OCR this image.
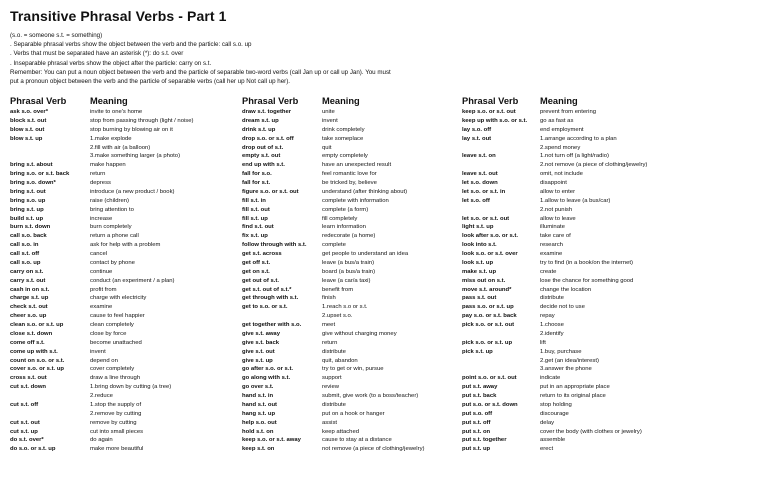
Transitive Phrasal Verbs - Part 1
(s.o. = someone s.t. = something)
. Separable phrasal verbs show the object between the verb and the particle: call s.o. up
. Verbs that must be separated have an asterisk (*): do s.t. over
. Inseparable phrasal verbs show the object after the particle: carry on s.t.
Remember: You can put a noun object between the verb and the particle of separable two-word verbs (call Jan up or call up Jan). You must
put a pronoun object between the verb and the particle of separable verbs (call her up Not call up her).
Phrasal Verb	Meaning
ask s.o. over*	invite to one's home
block s.t. out	stop from passing through (light / noise)
blow s.t. out	stop burning by blowing air on it
blow s.t. up	1.make explode
2.fill with air (a balloon)
3.make something larger (a photo)
bring s.t. about	make happen
bring s.o. or s.t. back	return
bring s.o. down*	depress
bring s.t. out	introduce (a new product / book)
bring s.o. up	raise (children)
bring s.t. up	bring attention to
build s.t. up	increase
burn s.t. down	burn completely
call s.o. back	return a phone call
call s.o. in	ask for help with a problem
call s.t. off	cancel
call s.o. up	contact by phone
carry on s.t.	continue
carry s.t. out	conduct (an experiment / a plan)
cash in on s.t.	profit from
charge s.t. up	charge with electricity
check s.t. out	examine
cheer s.o. up	cause to feel happier
clean s.o. or s.t. up	clean completely
close s.t. down	close by force
come off s.t.	become unattached
come up with s.t.	invent
count on s.o. or s.t.	depend on
cover s.o. or s.t. up	cover completely
cross s.t. out	draw a line through
cut s.t. down	1.bring down by cutting (a tree)
2.reduce
cut s.t. off	1.stop the supply of
2.remove by cutting
cut s.t. out	remove by cutting
cut s.t. up	cut into small pieces
do s.t. over*	do again
do s.o. or s.t. up	make more beautiful
Phrasal Verb	Meaning
draw s.t. together	unite
dream s.t. up	invent
drink s.t. up	drink completely
drop s.o. or s.t. off	take someplace
drop out of s.t.	quit
empty s.t. out	empty completely
end up with s.t.	have an unexpected result
fall for s.o.	feel romantic love for
fall for s.t.	be tricked by, believe
figure s.o. or s.t. out	understand (after thinking about)
fill s.t. in	complete with information
fill s.t. out	complete (a form)
fill s.t. up	fill completely
find s.t. out	learn information
fix s.t. up	redecorate (a home)
follow through with s.t.	complete
get s.t. across	get people to understand an idea
get off s.t.	leave (a bus/a train)
get on s.t.	board (a bus/a train)
get out of s.t.	leave (a car/a taxi)
get s.t. out of s.t.*	benefit from
get through with s.t.	finish
get to s.o. or s.t.	1.reach s.o or s.t.
2.upset s.o.
get together with s.o.	meet
give s.t. away	give without charging money
give s.t. back	return
give s.t. out	distribute
give s.t. up	quit, abandon
go after s.o. or s.t.	try to get or win, pursue
go along with s.t.	support
go over s.t.	review
hand s.t. in	submit, give work (to a boss/teacher)
hand s.t. out	distribute
hang s.t. up	put on a hook or hanger
help s.o. out	assist
hold s.t. on	keep attached
keep s.o. or s.t. away	cause to stay at a distance
keep s.t. on	not remove (a piece of clothing/jewelry)
Phrasal Verb	Meaning
keep s.o. or s.t. out	prevent from entering
keep up with s.o. or s.t.	go as fast as
lay s.o. off	end employment
lay s.t. out	1.arrange according to a plan
2.spend money
leave s.t. on	1.not turn off (a light/radio)
2.not remove (a piece of clothing/jewelry)
leave s.t. out	omit, not include
let s.o. down	disappoint
let s.o. or s.t. in	allow to enter
let s.o. off	1.allow to leave (a bus/car)
2.not punish
let s.o. or s.t. out	allow to leave
light s.t. up	illuminate
look after s.o. or s.t.	take care of
look into s.t.	research
look s.o. or s.t. over	examine
look s.t. up	try to find (in a book/on the internet)
make s.t. up	create
miss out on s.t.	lose the chance for something good
move s.t. around*	change the location
pass s.t. out	distribute
pass s.o. or s.t. up	decide not to use
pay s.o. or s.t. back	repay
pick s.o. or s.t. out	1.choose
2.identify
pick s.o. or s.t. up	lift
pick s.t. up	1.buy, purchase
2.get (an idea/interest)
3.answer the phone
point s.o. or s.t. out	indicate
put s.t. away	put in an appropriate place
put s.t. back	return to its original place
put s.o. or s.t. down	stop holding
put s.o. off	discourage
put s.t. off	delay
put s.t. on	cover the body (with clothes or jewelry)
put s.t. together	assemble
put s.t. up	erect
